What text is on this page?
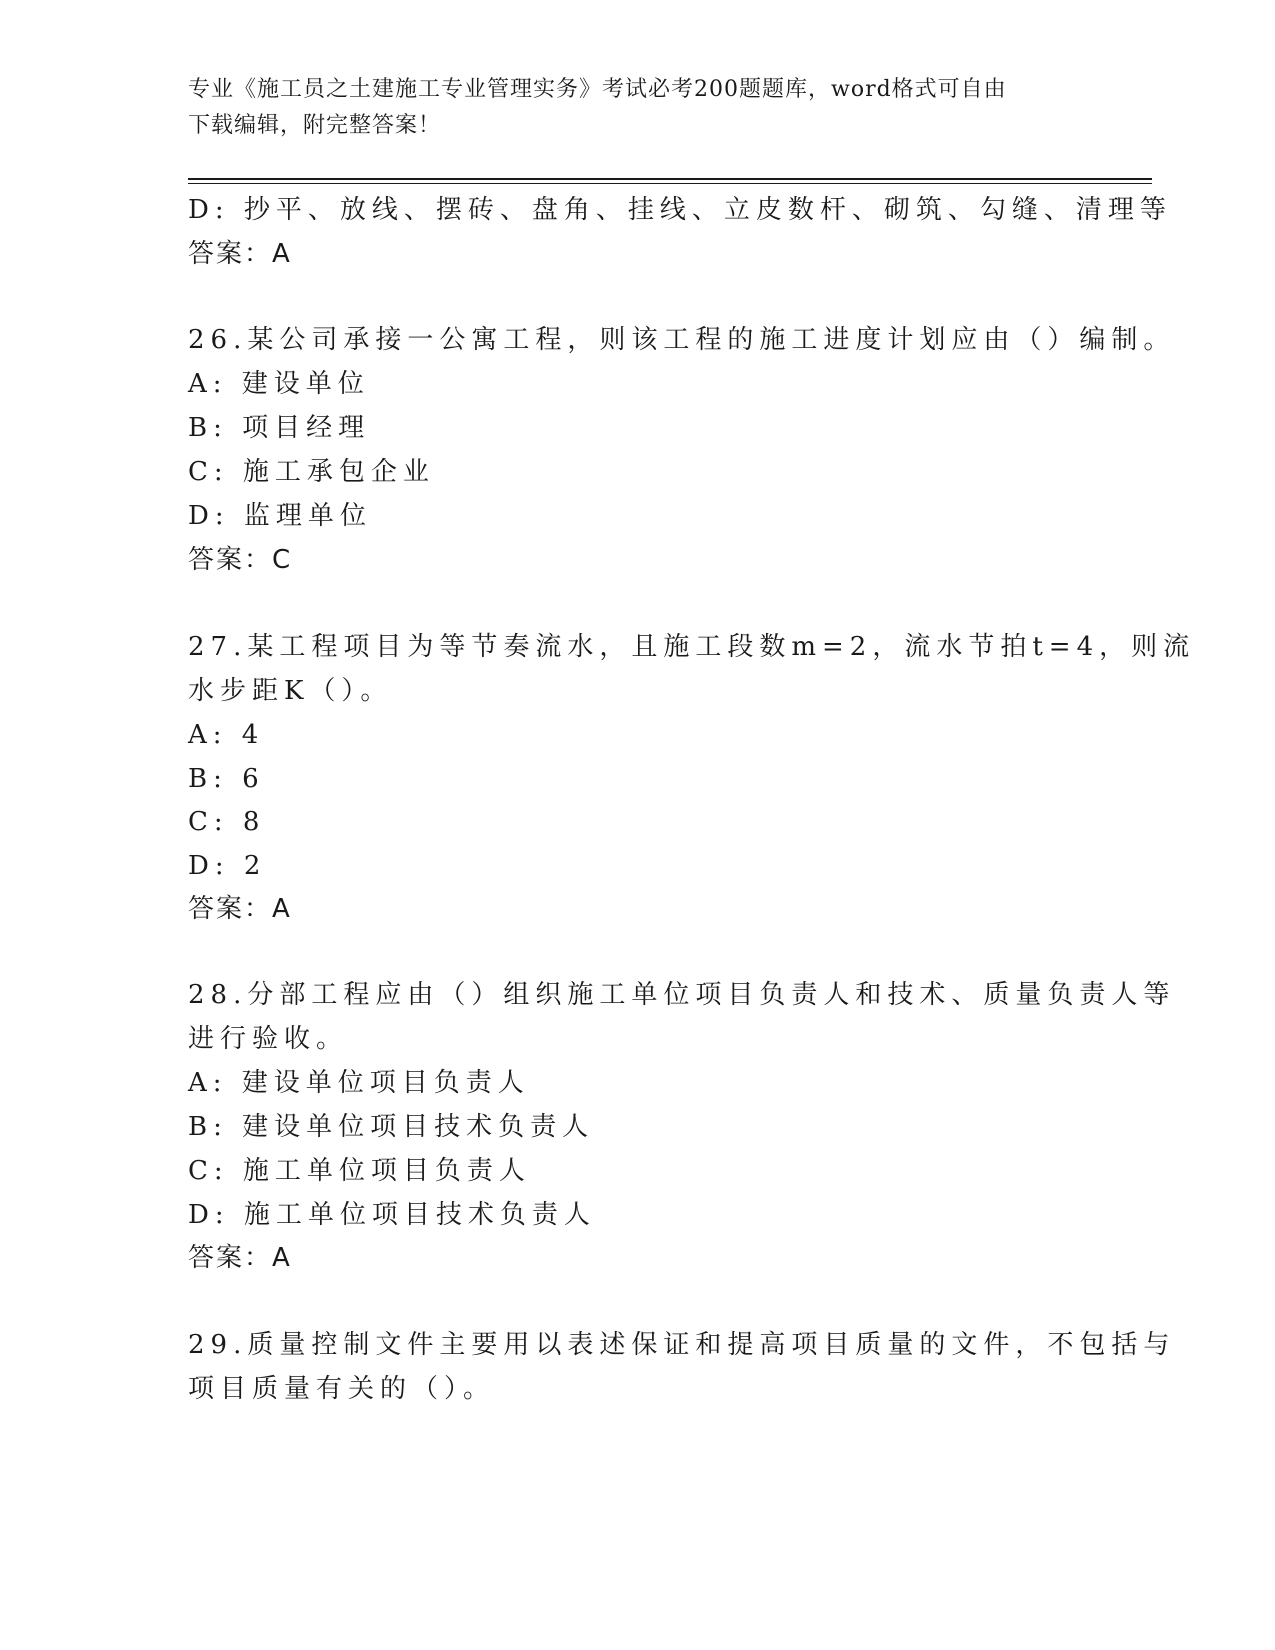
专业《施工员之土建施工专业管理实务》考试必考200题题库，word格式可自由
下载编辑，附完整答案！
D: 抄平、放线、摆砖、盘角、挂线、立皮数杆、砌筑、勾缝、清理等
答案：A
26.某公司承接一公寓工程，则该工程的施工进度计划应由（）编制。
A: 建设单位
B: 项目经理
C: 施工承包企业
D: 监理单位
答案：C
27.某工程项目为等节奏流水，且施工段数m=2，流水节拍t=4，则流
水步距K（）。
A: 4
B: 6
C: 8
D: 2
答案：A
28.分部工程应由（）组织施工单位项目负责人和技术、质量负责人等
进行验收。
A: 建设单位项目负责人
B: 建设单位项目技术负责人
C: 施工单位项目负责人
D: 施工单位项目技术负责人
答案：A
29.质量控制文件主要用以表述保证和提高项目质量的文件，不包括与
项目质量有关的（）。
